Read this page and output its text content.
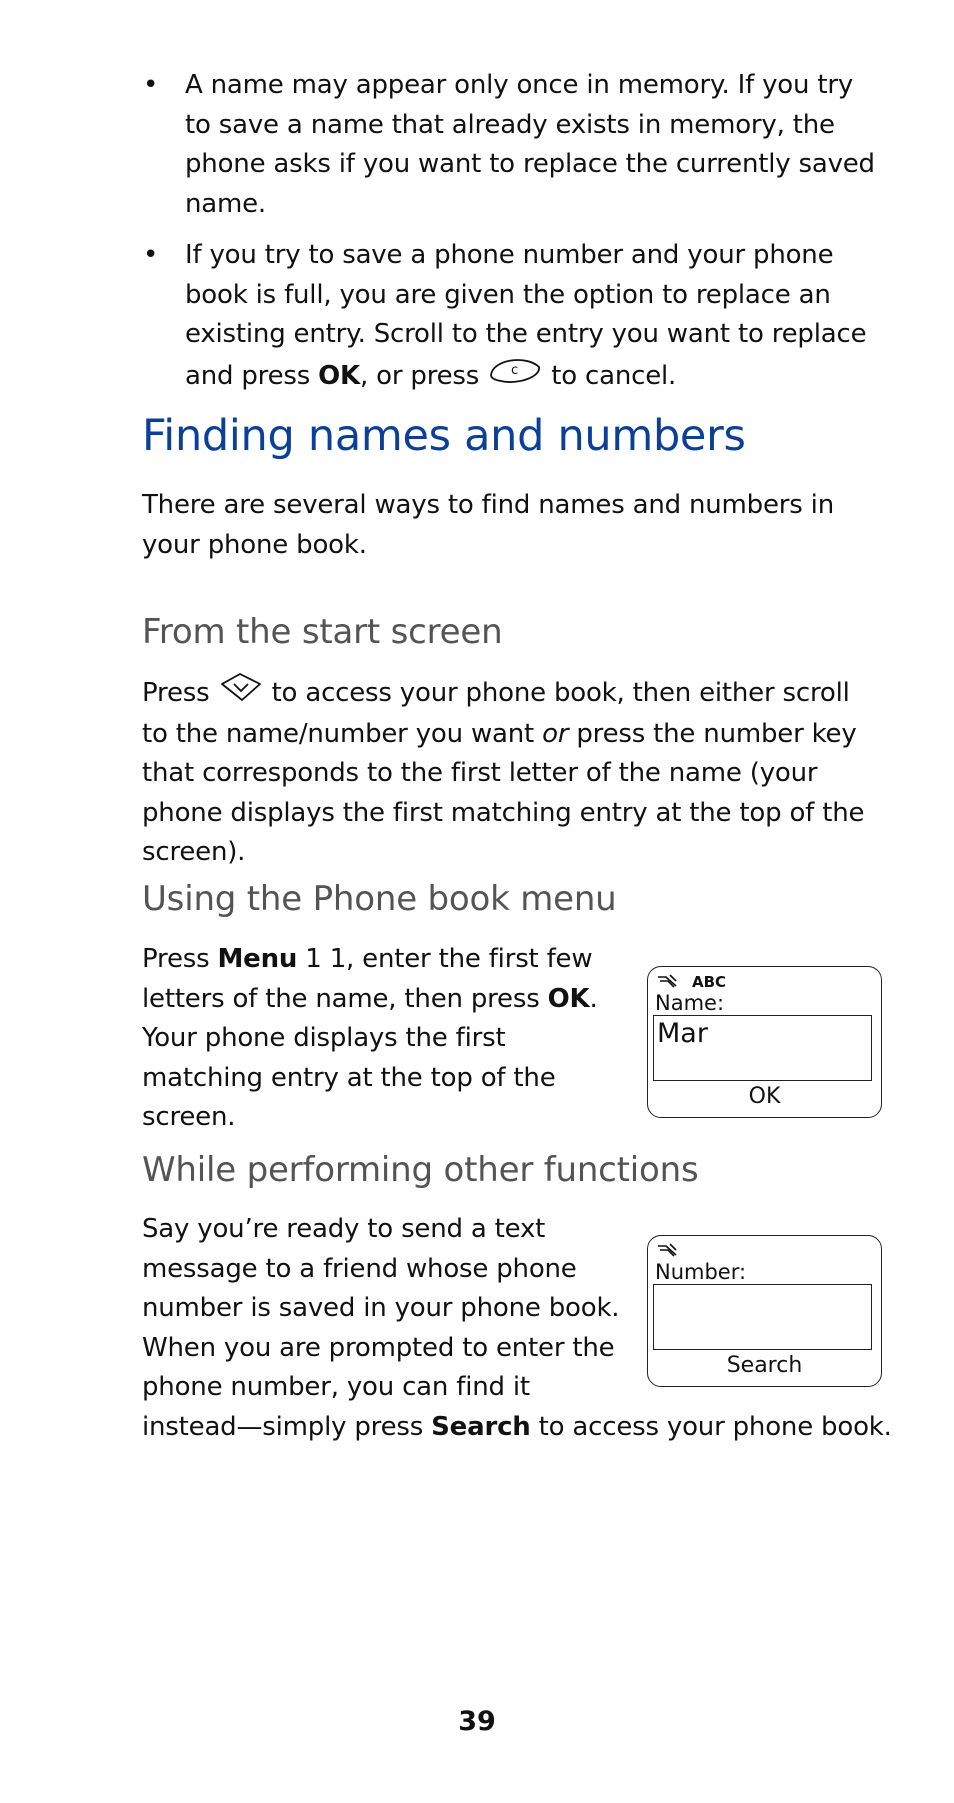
• A name may appear only once in memory. If you try to save a name that already exists in memory, the phone asks if you want to replace the currently saved name.
• If you try to save a phone number and your phone book is full, you are given the option to replace an existing entry. Scroll to the entry you want to replace and press OK, or press c to cancel.
Finding names and numbers

There are several ways to find names and numbers in your phone book.

From the start screen

Press  to access your phone book, then either scroll to the name/number you want or press the number key that corresponds to the first letter of the name (your phone displays the first matching entry at the top of the screen).

Using the Phone book menu

Press Menu 1 1, enter the first few letters of the name, then press OK. Your phone displays the first matching entry at the top of the screen.

ABC
Name:
Mar
OK
While performing other functions
Say you’re ready to send a text message to a friend whose phone number is saved in your phone book. When you are prompted to enter the phone number, you can find it instead—simply press Search to access your phone book.
Number:
Search
39
